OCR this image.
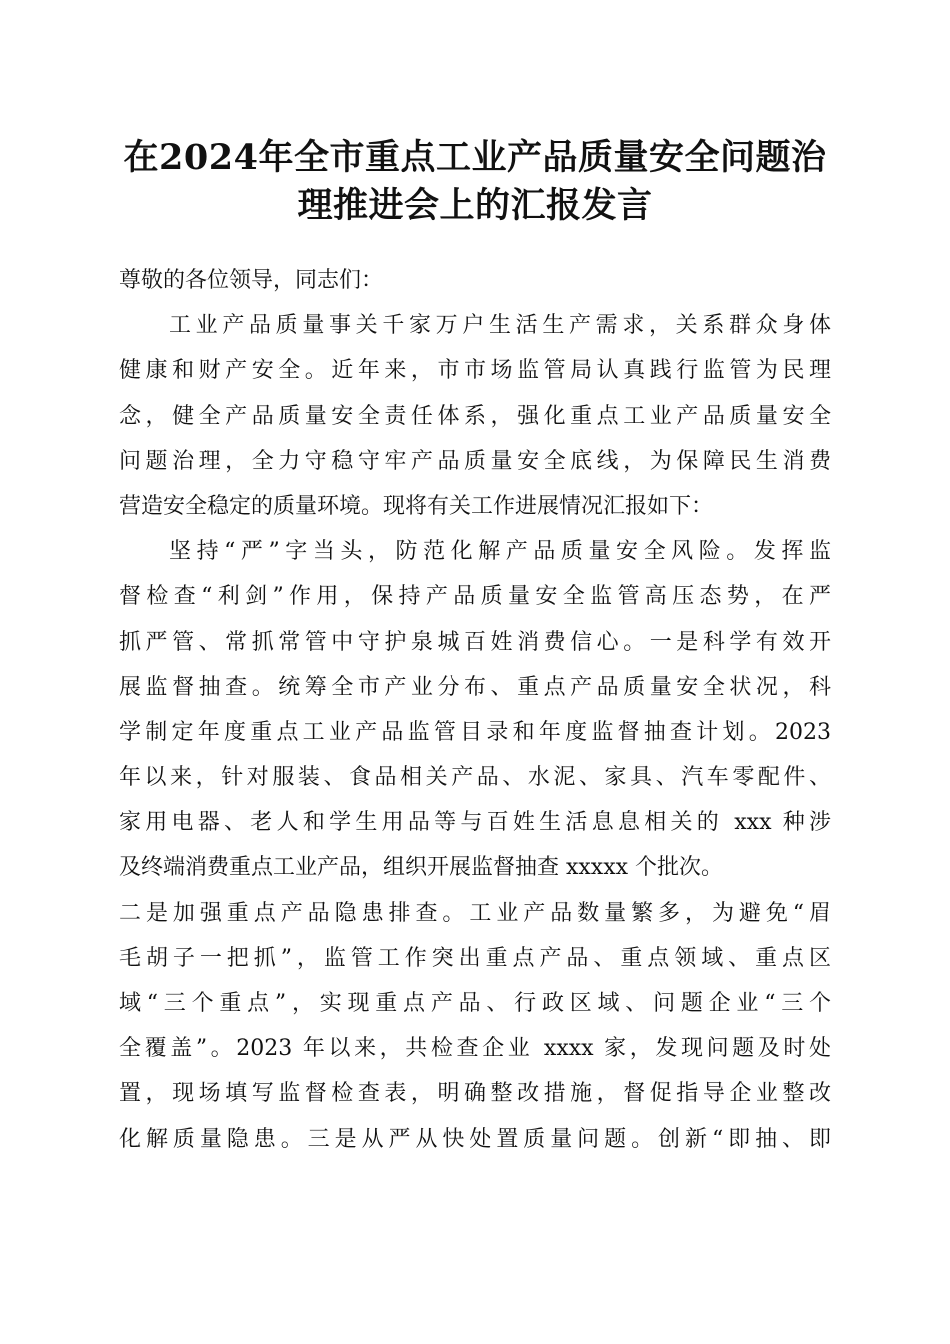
在2024年全市重点工业产品质量安全问题治
理推进会上的汇报发言
尊敬的各位领导，同志们：
工业产品质量事关千家万户生活生产需求，关系群众身体
健康和财产安全。近年来，市市场监管局认真践行监管为民理
念，健全产品质量安全责任体系，强化重点工业产品质量安全
问题治理，全力守稳守牢产品质量安全底线，为保障民生消费
营造安全稳定的质量环境。现将有关工作进展情况汇报如下：
坚持“严”字当头，防范化解产品质量安全风险。发挥监
督检查“利剑”作用，保持产品质量安全监管高压态势，在严
抓严管、常抓常管中守护泉城百姓消费信心。一是科学有效开
展监督抽查。统筹全市产业分布、重点产品质量安全状况，科
学制定年度重点工业产品监管目录和年度监督抽查计划。2023
年以来，针对服装、食品相关产品、水泥、家具、汽车零配件、
家用电器、老人和学生用品等与百姓生活息息相关的 xxx 种涉
及终端消费重点工业产品，组织开展监督抽查 xxxxx 个批次。
二是加强重点产品隐患排查。工业产品数量繁多，为避免“眉
毛胡子一把抓”，监管工作突出重点产品、重点领域、重点区
域“三个重点”，实现重点产品、行政区域、问题企业“三个
全覆盖”。2023 年以来，共检查企业 xxxx 家，发现问题及时处
置，现场填写监督检查表，明确整改措施，督促指导企业整改
化解质量隐患。三是从严从快处置质量问题。创新“即抽、即
